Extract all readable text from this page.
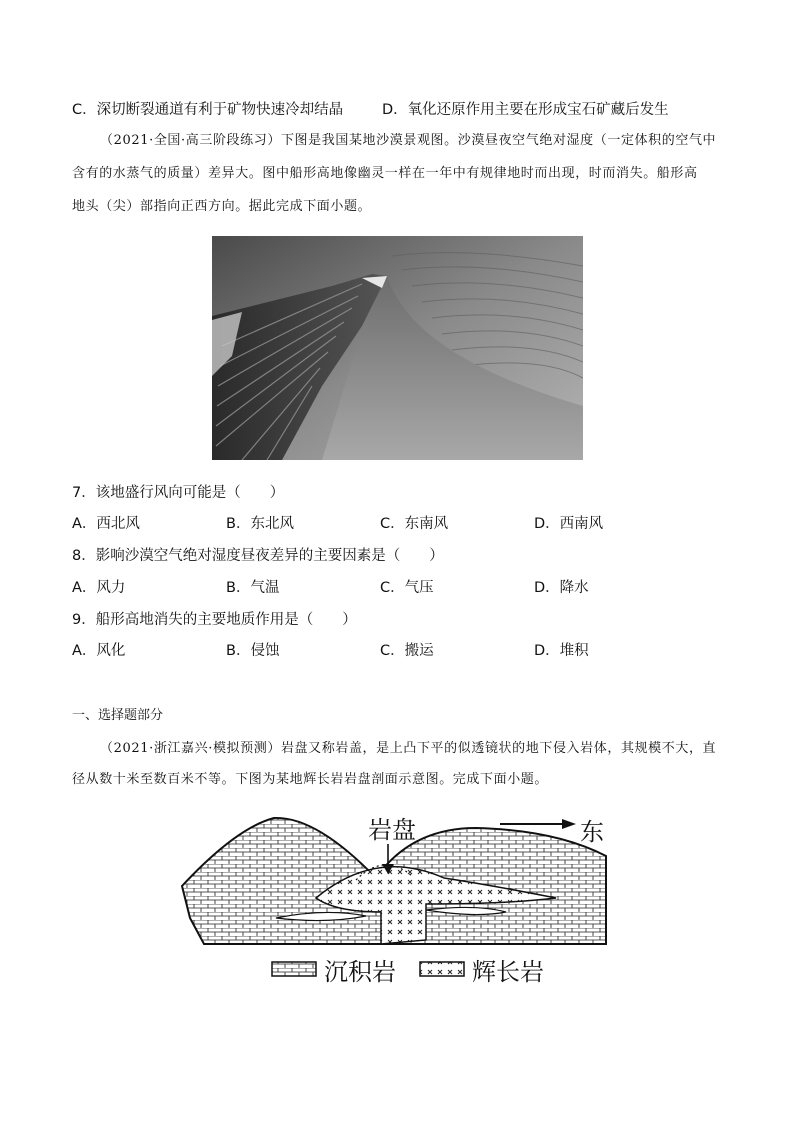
C．深切断裂通道有利于矿物快速冷却结晶	D．氧化还原作用主要在形成宝石矿藏后发生
（2021·全国·高三阶段练习）下图是我国某地沙漠景观图。沙漠昼夜空气绝对湿度（一定体积的空气中
含有的水蒸气的质量）差异大。图中船形高地像幽灵一样在一年中有规律地时而出现，时而消失。船形高
地头（尖）部指向正西方向。据此完成下面小题。
7．该地盛行风向可能是（　　）
A．西北风	B．东北风	C．东南风	D．西南风
8．影响沙漠空气绝对湿度昼夜差异的主要因素是（　　）
A．风力	B．气温	C．气压	D．降水
9．船形高地消失的主要地质作用是（　　）
A．风化	B．侵蚀	C．搬运	D．堆积
一、选择题部分
（2021·浙江嘉兴·模拟预测）岩盘又称岩盖，是上凸下平的似透镜状的地下侵入岩体，其规模不大，直
径从数十米至数百米不等。下图为某地辉长岩岩盘剖面示意图。完成下面小题。
岩盘	东
沉积岩	辉长岩
